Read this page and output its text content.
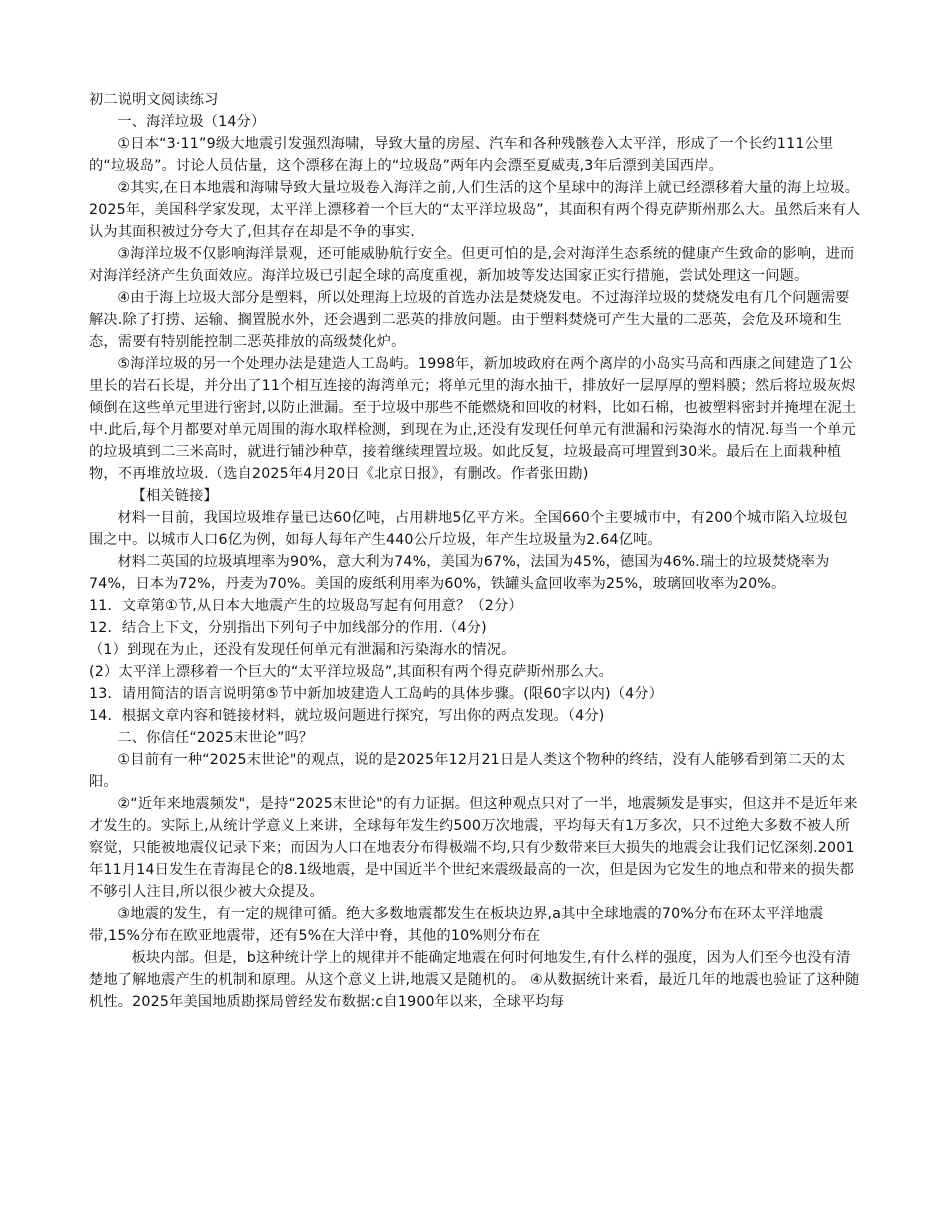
初二说明文阅读练习

一、海洋垃圾（14分）

①日本“3·11”9级大地震引发强烈海啸，导致大量的房屋、汽车和各种残骸卷入太平洋，形成了一个长约111公里的“垃圾岛”。讨论人员估量，这个漂移在海上的“垃圾岛”两年内会漂至夏威夷,3年后漂到美国西岸。

②其实,在日本地震和海啸导致大量垃圾卷入海洋之前,人们生活的这个星球中的海洋上就已经漂移着大量的海上垃圾。2025年，美国科学家发现，太平洋上漂移着一个巨大的“太平洋垃圾岛”，其面积有两个得克萨斯州那么大。虽然后来有人认为其面积被过分夸大了,但其存在却是不争的事实.

③海洋垃圾不仅影响海洋景观，还可能威胁航行安全。但更可怕的是,会对海洋生态系统的健康产生致命的影响，进而对海洋经济产生负面效应。海洋垃圾已引起全球的高度重视，新加坡等发达国家正实行措施，尝试处理这一问题。

④由于海上垃圾大部分是塑料，所以处理海上垃圾的首选办法是焚烧发电。不过海洋垃圾的焚烧发电有几个问题需要解决.除了打捞、运输、搁置脱水外，还会遇到二恶英的排放问题。由于塑料焚烧可产生大量的二恶英，会危及环境和生态，需要有特别能控制二恶英排放的高级焚化炉。

⑤海洋垃圾的另一个处理办法是建造人工岛屿。1998年，新加坡政府在两个离岸的小岛实马高和西康之间建造了1公里长的岩石长堤，并分出了11个相互连接的海湾单元；将单元里的海水抽干，排放好一层厚厚的塑料膜；然后将垃圾灰烬倾倒在这些单元里进行密封,以防止泄漏。至于垃圾中那些不能燃烧和回收的材料，比如石棉，也被塑料密封并掩埋在泥土中.此后,每个月都要对单元周围的海水取样检测，到现在为止,还没有发现任何单元有泄漏和污染海水的情况.每当一个单元的垃圾填到二三米高时，就进行铺沙种草，接着继续理置垃圾。如此反复，垃圾最高可埋置到30米。最后在上面栽种植物，不再堆放垃圾.（选自2025年4月20日《北京日报》，有删改。作者张田勘)

【相关链接】

材料一目前，我国垃圾堆存量已达60亿吨，占用耕地5亿平方米。全国660个主要城市中，有200个城市陷入垃圾包围之中。以城市人口6亿为例，如每人每年产生440公斤垃圾，年产生垃圾量为2.64亿吨。

材料二英国的垃圾填埋率为90%，意大利为74%，美国为67%，法国为45%，德国为46%.瑞士的垃圾焚烧率为74%，日本为72%，丹麦为70%。美国的废纸利用率为60%，铁罐头盒回收率为25%，玻璃回收率为20%。

11．文章第①节,从日本大地震产生的垃圾岛写起有何用意？（2分）

12．结合上下文，分别指出下列句子中加线部分的作用.（4分)

（1）到现在为止，还没有发现任何单元有泄漏和污染海水的情况。

(2）太平洋上漂移着一个巨大的“太平洋垃圾岛”,其面积有两个得克萨斯州那么大。

13．请用简洁的语言说明第⑤节中新加坡建造人工岛屿的具体步骤。(限60字以内)（4分）

14．根据文章内容和链接材料，就垃圾问题进行探究，写出你的两点发现。（4分)

二、你信任“2025末世论”吗？

①目前有一种“2025末世论"的观点，说的是2025年12月21日是人类这个物种的终结，没有人能够看到第二天的太阳。

②“近年来地震频发"，是持“2025末世论"的有力证据。但这种观点只对了一半，地震频发是事实，但这并不是近年来才发生的。实际上,从统计学意义上来讲，全球每年发生约500万次地震，平均每天有1万多次，只不过绝大多数不被人所察觉，只能被地震仪记录下来；而因为人口在地表分布得极端不均,只有少数带来巨大损失的地震会让我们记忆深刻.2001年11月14日发生在青海昆仑的8.1级地震，是中国近半个世纪来震级最高的一次，但是因为它发生的地点和带来的损失都不够引人注目,所以很少被大众提及。

③地震的发生，有一定的规律可循。绝大多数地震都发生在板块边界,a其中全球地震的70%分布在环太平洋地震带,15%分布在欧亚地震带，还有5%在大洋中脊，其他的10%则分布在

板块内部。但是，b这种统计学上的规律并不能确定地震在何时何地发生,有什么样的强度，因为人们至今也没有清楚地了解地震产生的机制和原理。从这个意义上讲,地震又是随机的。 ④从数据统计来看，最近几年的地震也验证了这种随机性。2025年美国地质勘探局曾经发布数据:c自1900年以来，全球平均每
